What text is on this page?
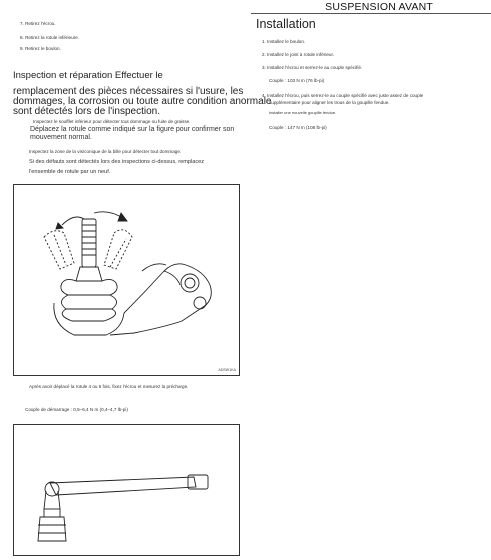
SUSPENSION AVANT
7. Retirez l'écrou.
8. Retirez la rotule inférieure.
9. Retirez le boulon.
Inspection et réparation Effectuer le
remplacement des pièces nécessaires si l'usure, les
dommages, la corrosion ou toute autre condition anormale
sont détectés lors de l'inspection.
Inspectez le soufflet inférieur pour détecter tout dommage ou fuite de graisse.
Déplacez la rotule comme indiqué sur la figure pour confirmer son
mouvement normal.
Inspectez la zone de la vis/conique de la bille pour détecter tout dommage.
Si des défauts sont détectés lors des inspections ci-dessus, remplacez
l'ensemble de rotule par un neuf.
ADSW1KA
Après avoir déplacé la rotule 4 ou 5 fois, fixez l'écrou et mesurez la précharge.
Couple de démarrage : 0,5–6,4 N m (0,4–4,7 lb-pi)
Installation
1. Installez le boulon.
2. Installez le joint à rotule inférieur.
3. Installez l'écrou et serrez-le au couple spécifié.
Couple : 103 N m (76 lb-pi)
4. Installez l'écrou, puis serrez-le au couple spécifié avec juste assez de couple
supplémentaire pour aligner les trous de la goupille fendue.
Installer une nouvelle goupille fendue.
Couple : 147 N m (108 lb-pi)
